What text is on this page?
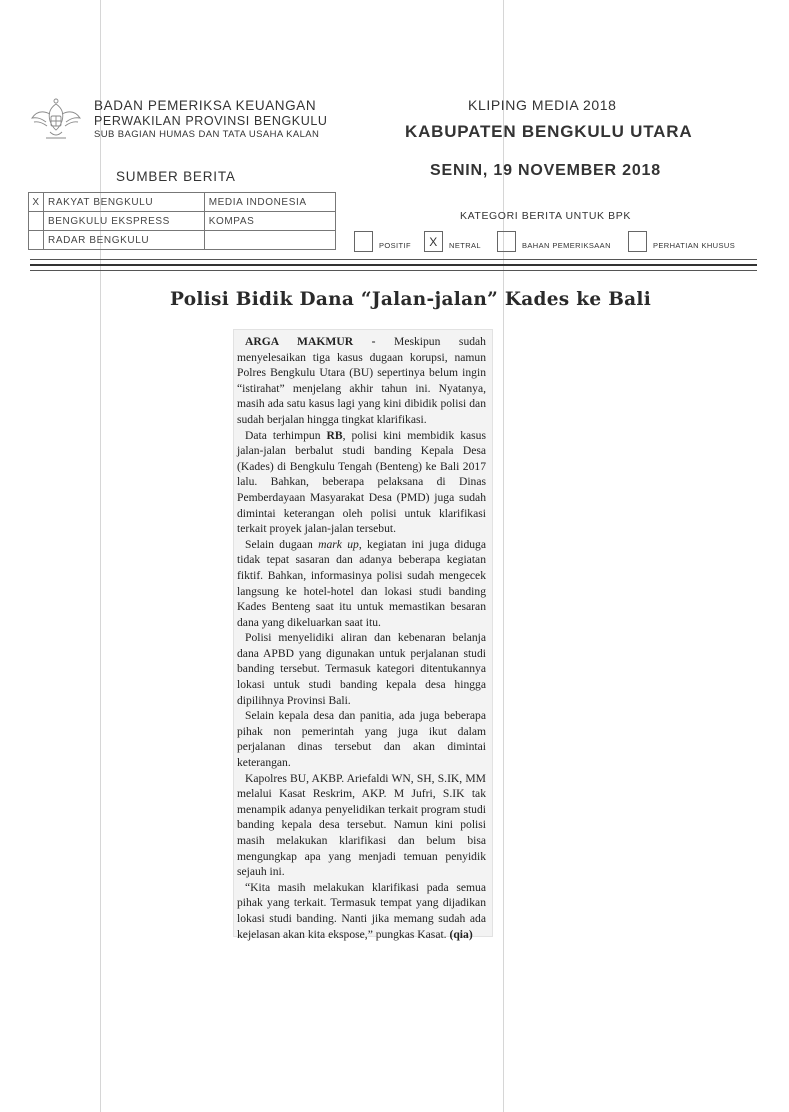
BADAN PEMERIKSA KEUANGAN
PERWAKILAN PROVINSI BENGKULU
SUB BAGIAN HUMAS DAN TATA USAHA KALAN
KLIPING MEDIA 2018
KABUPATEN BENGKULU UTARA
SENIN, 19 NOVEMBER 2018
SUMBER BERITA
X	RAKYAT BENGKULU	MEDIA INDONESIA
	BENGKULU EKSPRESS	KOMPAS
	RADAR BENGKULU	
KATEGORI BERITA UNTUK BPK
POSITIF	X	NETRAL	BAHAN PEMERIKSAAN	PERHATIAN KHUSUS
Polisi Bidik Dana “Jalan-jalan” Kades ke Bali

ARGA MAKMUR - Meskipun sudah menyelesaikan tiga kasus dugaan korupsi, namun Polres Bengkulu Utara (BU) sepertinya belum ingin “istirahat” menjelang akhir tahun ini. Nyatanya, masih ada satu kasus lagi yang kini dibidik polisi dan sudah berjalan hingga tingkat klarifikasi.

Data terhimpun RB, polisi kini membidik kasus jalan-jalan berbalut studi banding Kepala Desa (Kades) di Bengkulu Tengah (Benteng) ke Bali 2017 lalu. Bahkan, beberapa pelaksana di Dinas Pemberdayaan Masyarakat Desa (PMD) juga sudah dimintai keterangan oleh polisi untuk klarifikasi terkait proyek jalan-jalan tersebut.

Selain dugaan mark up, kegiatan ini juga diduga tidak tepat sasaran dan adanya beberapa kegiatan fiktif. Bahkan, informasinya polisi sudah mengecek langsung ke hotel-hotel dan lokasi studi banding Kades Benteng saat itu untuk memastikan besaran dana yang dikeluarkan saat itu.

Polisi menyelidiki aliran dan kebenaran belanja dana APBD yang digunakan untuk perjalanan studi banding tersebut. Termasuk kategori ditentukannya lokasi untuk studi banding kepala desa hingga dipilihnya Provinsi Bali.

Selain kepala desa dan panitia, ada juga beberapa pihak non pemerintah yang juga ikut dalam perjalanan dinas tersebut dan akan dimintai keterangan.

Kapolres BU, AKBP. Ariefaldi WN, SH, S.IK, MM melalui Kasat Reskrim, AKP. M Jufri, S.IK tak menampik adanya penyelidikan terkait program studi banding kepala desa tersebut. Namun kini polisi masih melakukan klarifikasi dan belum bisa mengungkap apa yang menjadi temuan penyidik sejauh ini.

“Kita masih melakukan klarifikasi pada semua pihak yang terkait. Termasuk tempat yang dijadikan lokasi studi banding. Nanti jika memang sudah ada kejelasan akan kita ekspose,” pungkas Kasat. (qia)
